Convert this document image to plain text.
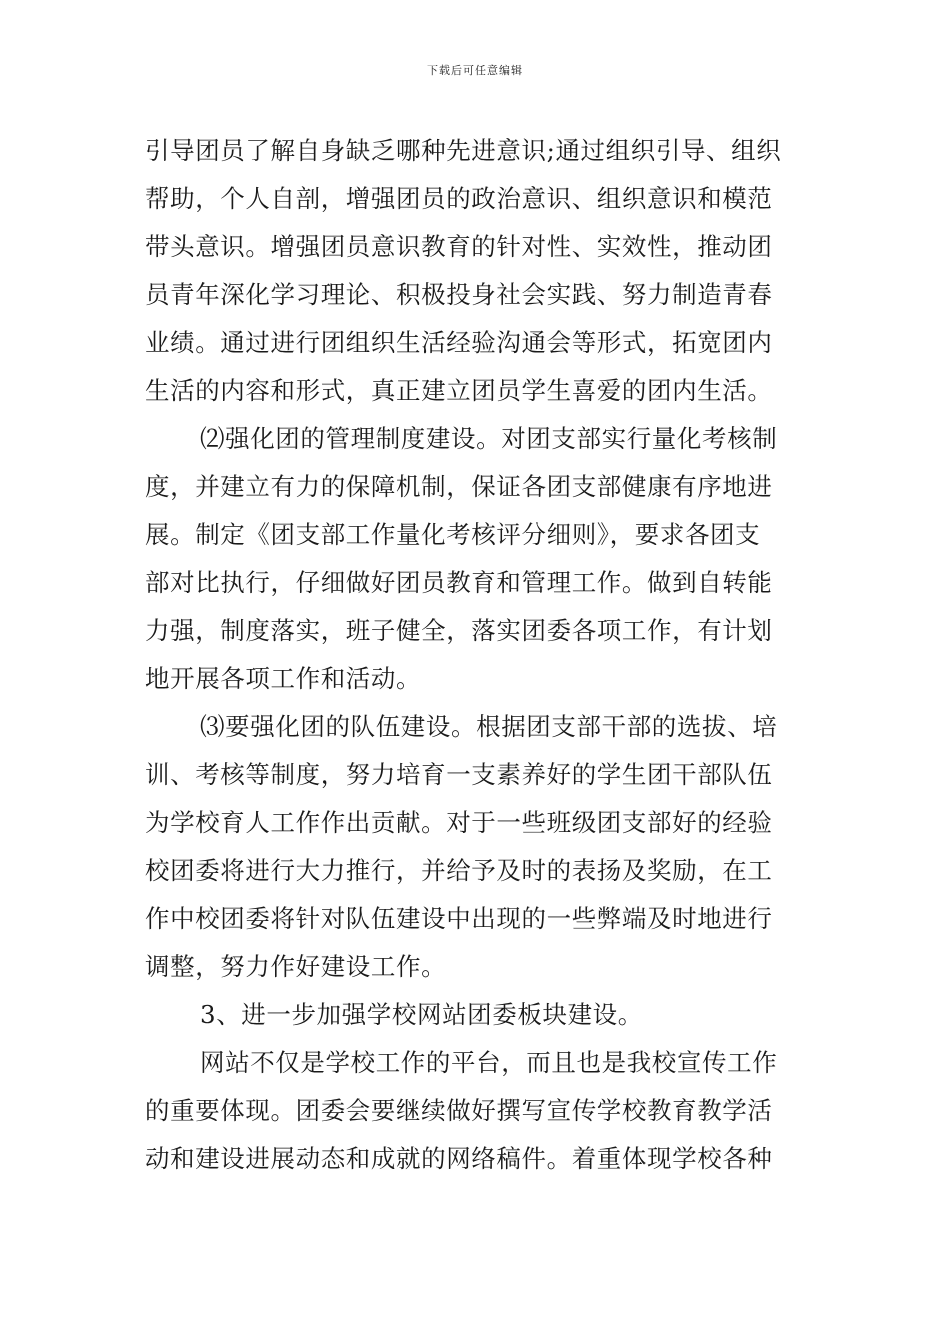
下载后可任意编辑
引导团员了解自身缺乏哪种先进意识;通过组织引导、组织
帮助，个人自剖，增强团员的政治意识、组织意识和模范
带头意识。增强团员意识教育的针对性、实效性，推动团
员青年深化学习理论、积极投身社会实践、努力制造青春
业绩。通过进行团组织生活经验沟通会等形式，拓宽团内
生活的内容和形式，真正建立团员学生喜爱的团内生活。
⑵强化团的管理制度建设。对团支部实行量化考核制
度，并建立有力的保障机制，保证各团支部健康有序地进
展。制定《团支部工作量化考核评分细则》，要求各团支
部对比执行，仔细做好团员教育和管理工作。做到自转能
力强，制度落实，班子健全，落实团委各项工作，有计划
地开展各项工作和活动。
⑶要强化团的队伍建设。根据团支部干部的选拔、培
训、考核等制度，努力培育一支素养好的学生团干部队伍
为学校育人工作作出贡献。对于一些班级团支部好的经验
校团委将进行大力推行，并给予及时的表扬及奖励，在工
作中校团委将针对队伍建设中出现的一些弊端及时地进行
调整，努力作好建设工作。
3、进一步加强学校网站团委板块建设。
网站不仅是学校工作的平台，而且也是我校宣传工作
的重要体现。团委会要继续做好撰写宣传学校教育教学活
动和建设进展动态和成就的网络稿件。着重体现学校各种
